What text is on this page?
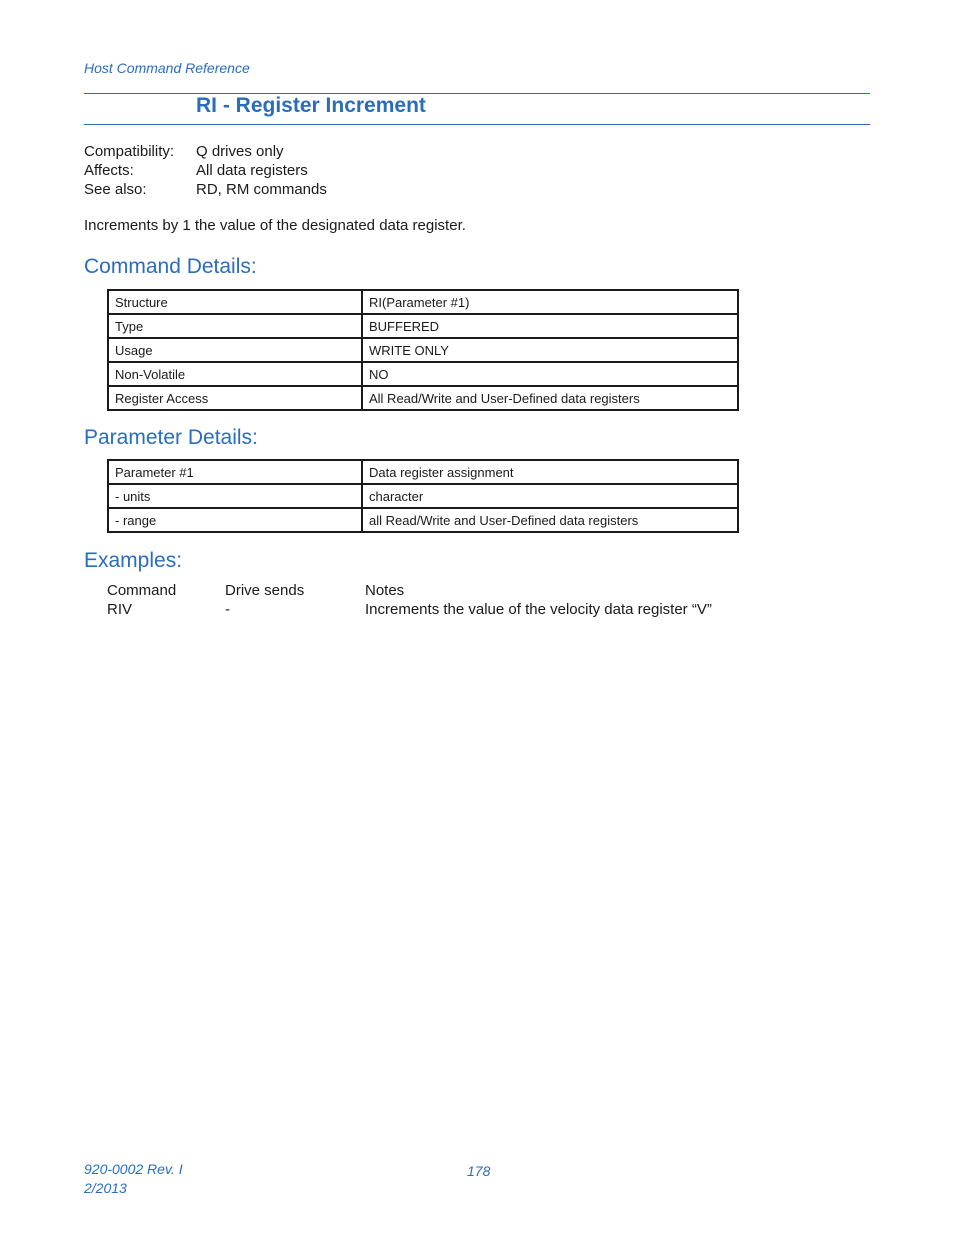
Host Command Reference
RI - Register Increment
Compatibility:	Q drives only
Affects:	All data registers
See also:	RD, RM commands
Increments by 1 the value of the designated data register.
Command Details:
Structure	RI(Parameter #1)
Type	BUFFERED
Usage	WRITE ONLY
Non-Volatile	NO
Register Access	All Read/Write and User-Defined data registers
Parameter Details:
Parameter #1	Data register assignment
- units	character
- range	all Read/Write and User-Defined data registers
Examples:
Command	Drive sends	Notes
RIV	-	Increments the value of the velocity data register “V”
920-0002 Rev. I
2/2013
178
